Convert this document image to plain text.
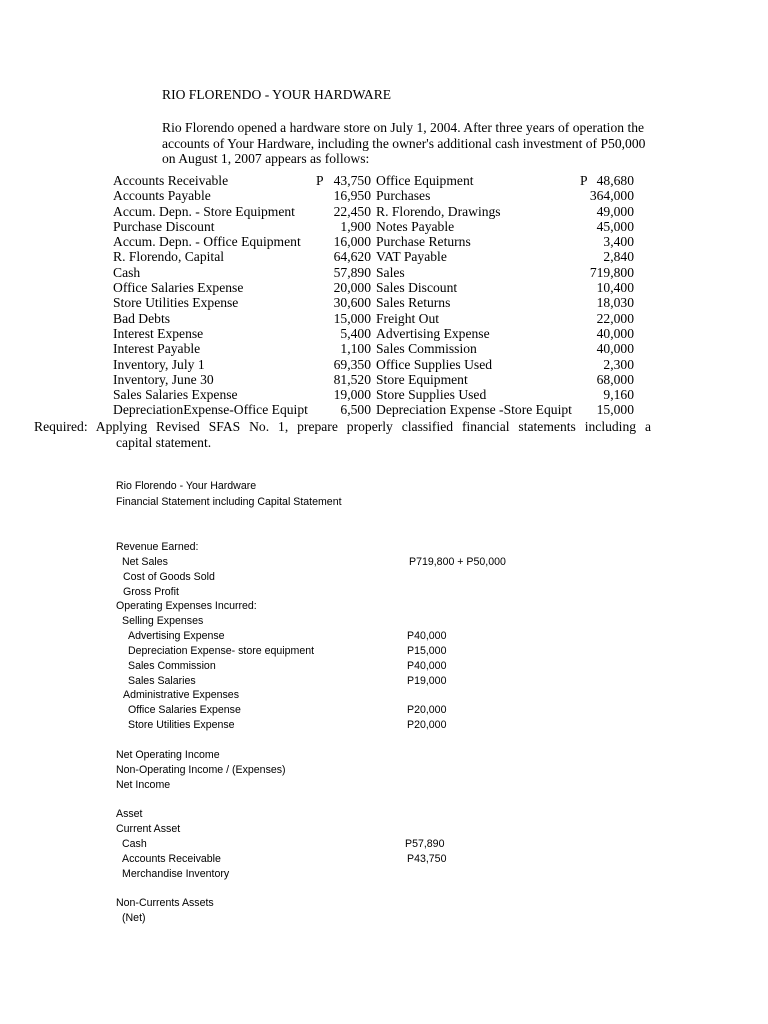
RIO FLORENDO - YOUR HARDWARE
Rio Florendo opened a hardware store on July 1, 2004. After three years of operation the accounts of Your Hardware, including the owner's additional cash investment of P50,000 on August 1, 2007 appears as follows:
Accounts Receivable	43,750 Office Equipment	48,680
P	P
Accounts Payable	16,950 Purchases	364,000
Accum. Depn. - Store Equipment	22,450 R. Florendo, Drawings	49,000
Purchase Discount	1,900 Notes Payable	45,000
Accum. Depn. - Office Equipment 16,000 Purchase Returns	3,400
R. Florendo, Capital	64,620 VAT Payable	2,840
Cash	57,890 Sales	719,800
Office Salaries Expense	20,000 Sales Discount	10,400
Store Utilities Expense	30,600 Sales Returns	18,030
Bad Debts	15,000 Freight Out	22,000
Interest Expense	5,400 Advertising Expense	40,000
Interest Payable	1,100 Sales Commission	40,000
Inventory, July 1	69,350 Office Supplies Used	2,300
Inventory, June 30	81,520 Store Equipment	68,000
Sales Salaries Expense	19,000 Store Supplies Used	9,160
DepreciationExpense-Office Equipt 6,500 Depreciation Expense -Store Equipt 15,000
Required: Applying Revised SFAS No. 1, prepare properly classified financial statements including a
capital statement.
Rio Florendo - Your Hardware
Financial Statement including Capital Statement
Revenue Earned:
Net Sales	P719,800 + P50,000
Cost of Goods Sold
Gross Profit
Operating Expenses Incurred:
Selling Expenses
Advertising Expense	P40,000
Depreciation Expense- store equipment	P15,000
Sales Commission	P40,000
Sales Salaries	P19,000
Administrative Expenses
Office Salaries Expense	P20,000
Store Utilities Expense	P20,000
Net Operating Income
Non-Operating Income / (Expenses)
Net Income
Asset
Current Asset
Cash	P57,890
Accounts Receivable	P43,750
Merchandise Inventory
Non-Currents Assets
(Net)
